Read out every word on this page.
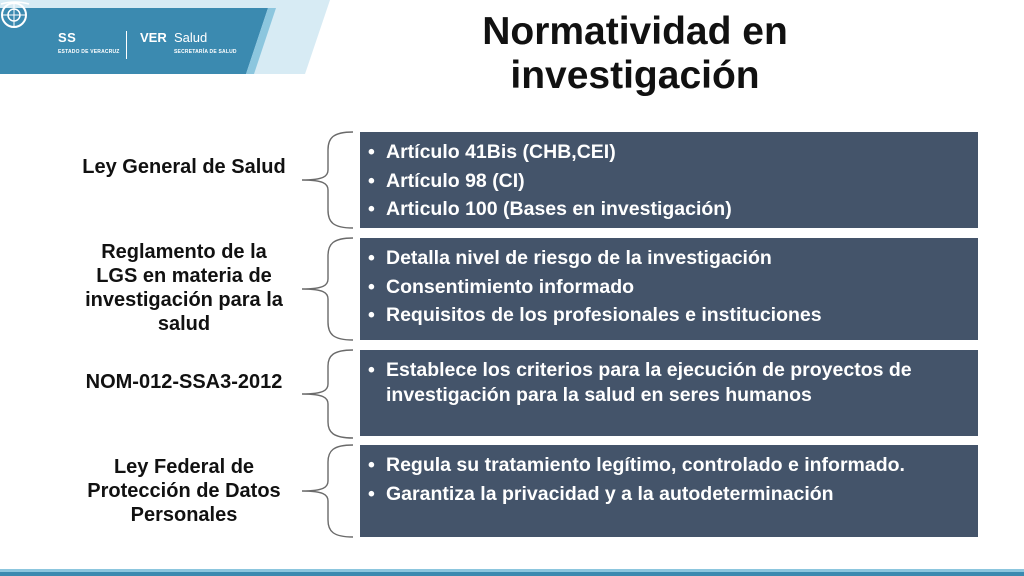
SS
ESTADO DE VERACRUZ
VER Salud
SECRETARÍA DE SALUD	Normatividad en
investigación
Ley General de Salud
• Artículo 41Bis (CHB,CEI)
• Artículo 98 (CI)
• Articulo 100 (Bases en investigación)
Reglamento de la LGS en materia de investigación para la salud
• Detalla nivel de riesgo de la investigación
• Consentimiento informado
• Requisitos de los profesionales e instituciones
NOM-012-SSA3-2012
• Establece los criterios para la ejecución de proyectos de investigación para la salud en seres humanos
Ley Federal de Protección de Datos Personales
• Regula su tratamiento legítimo, controlado e informado.
• Garantiza la privacidad y a la autodeterminación
